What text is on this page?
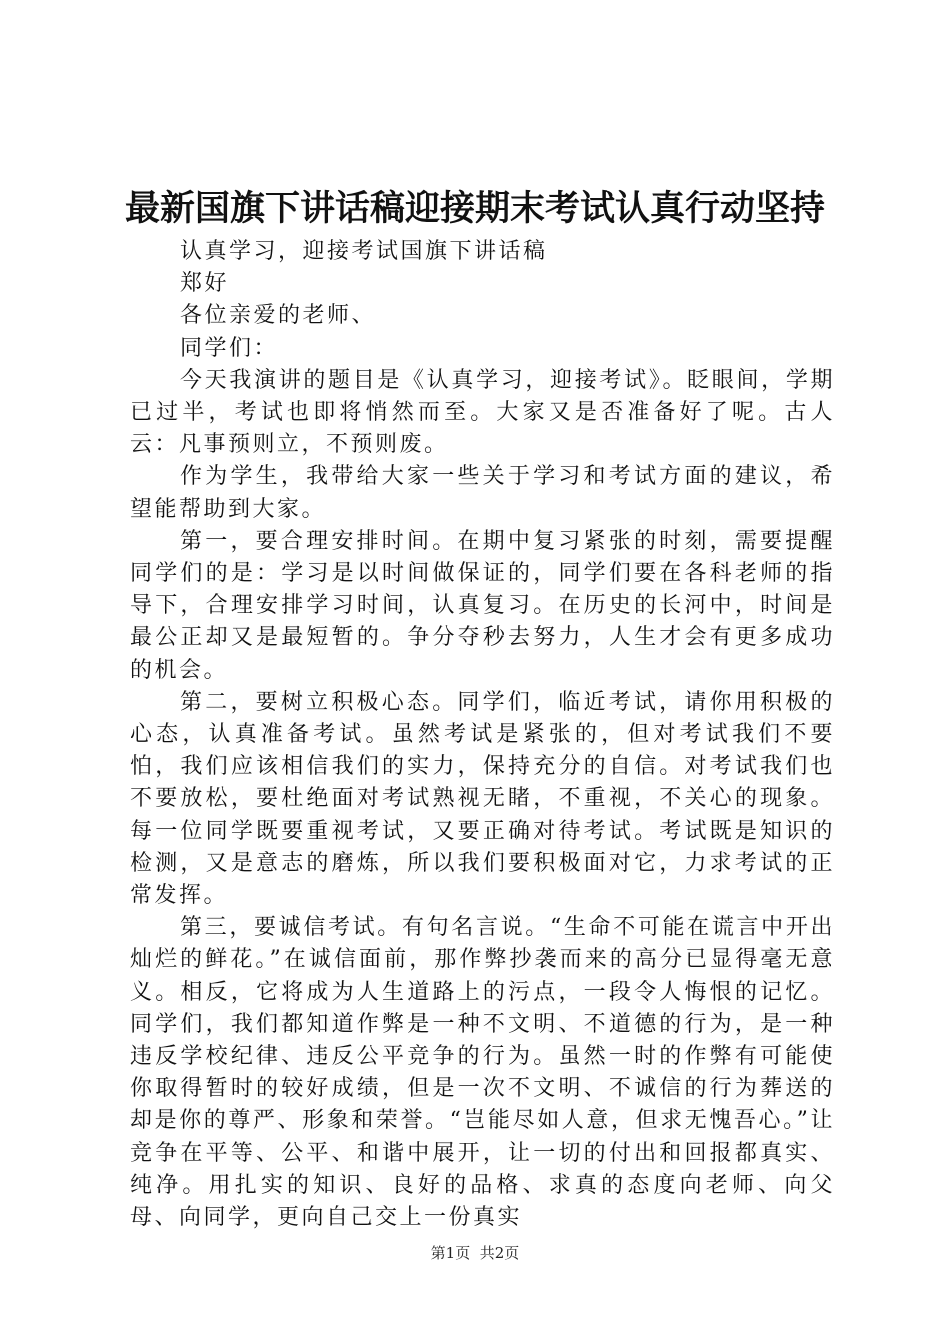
最新国旗下讲话稿迎接期末考试认真行动坚持

认真学习，迎接考试国旗下讲话稿

郑好

各位亲爱的老师、

同学们：

今天我演讲的题目是《认真学习，迎接考试》。眨眼间，学期已过半，考试也即将悄然而至。大家又是否准备好了呢。古人云：凡事预则立，不预则废。

作为学生，我带给大家一些关于学习和考试方面的建议，希望能帮助到大家。

第一，要合理安排时间。在期中复习紧张的时刻，需要提醒同学们的是：学习是以时间做保证的，同学们要在各科老师的指导下，合理安排学习时间，认真复习。在历史的长河中，时间是最公正却又是最短暂的。争分夺秒去努力，人生才会有更多成功的机会。

第二，要树立积极心态。同学们，临近考试，请你用积极的心态，认真准备考试。虽然考试是紧张的，但对考试我们不要怕，我们应该相信我们的实力，保持充分的自信。对考试我们也不要放松，要杜绝面对考试熟视无睹，不重视，不关心的现象。每一位同学既要重视考试，又要正确对待考试。考试既是知识的检测，又是意志的磨炼，所以我们要积极面对它，力求考试的正常发挥。

第三，要诚信考试。有句名言说。“生命不可能在谎言中开出灿烂的鲜花。”在诚信面前，那作弊抄袭而来的高分已显得毫无意义。相反，它将成为人生道路上的污点，一段令人悔恨的记忆。同学们，我们都知道作弊是一种不文明、不道德的行为，是一种违反学校纪律、违反公平竞争的行为。虽然一时的作弊有可能使你取得暂时的较好成绩，但是一次不文明、不诚信的行为葬送的却是你的尊严、形象和荣誉。“岂能尽如人意，但求无愧吾心。”让竞争在平等、公平、和谐中展开，让一切的付出和回报都真实、纯净。用扎实的知识、良好的品格、求真的态度向老师、向父母、向同学，更向自己交上一份真实

第1页 共2页
